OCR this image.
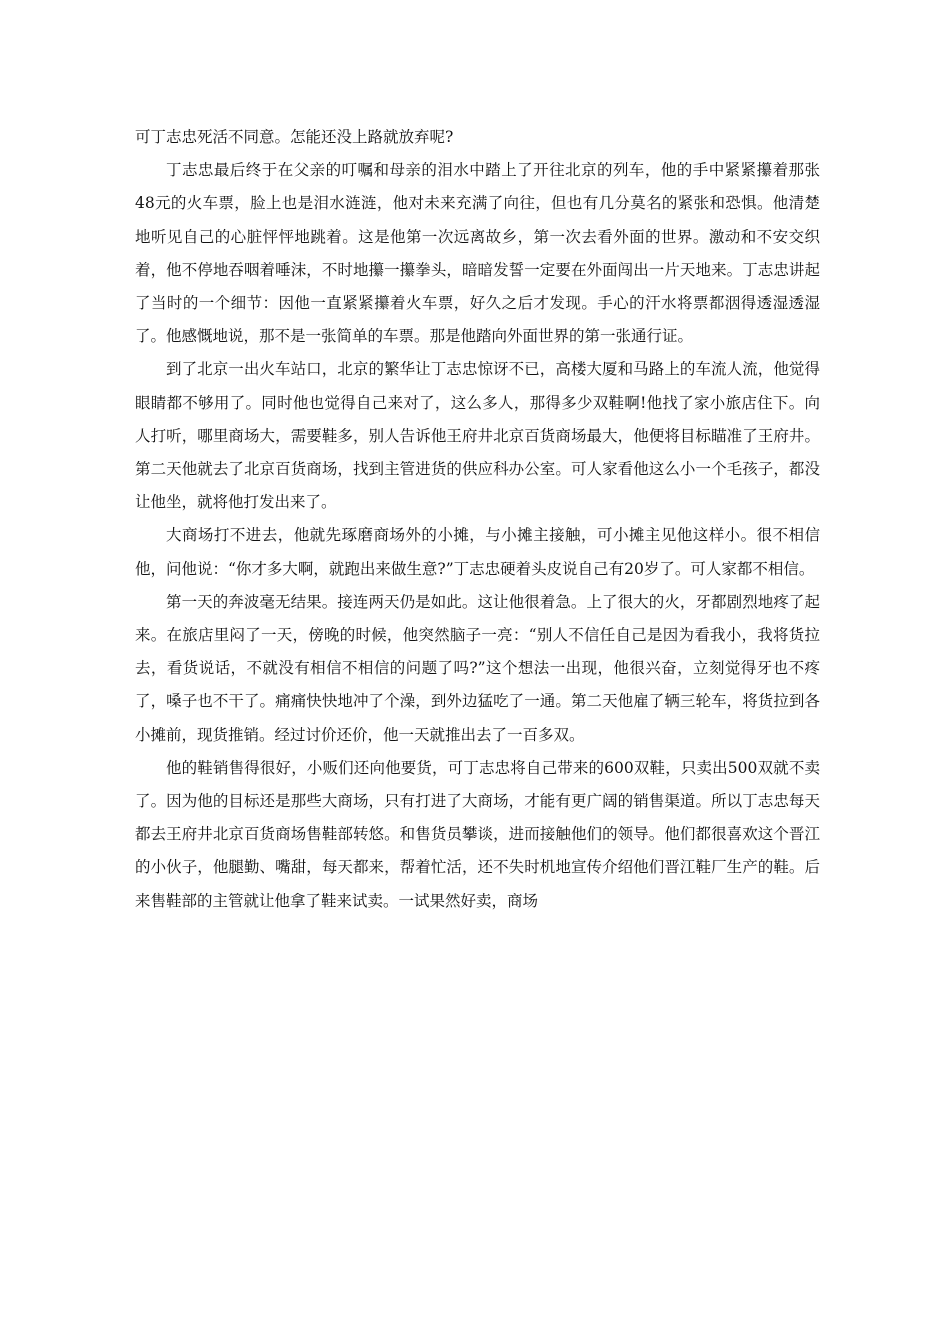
可丁志忠死活不同意。怎能还没上路就放弃呢?

丁志忠最后终于在父亲的叮嘱和母亲的泪水中踏上了开往北京的列车，他的手中紧紧攥着那张48元的火车票，脸上也是泪水涟涟，他对未来充满了向往，但也有几分莫名的紧张和恐惧。他清楚地听见自己的心脏怦怦地跳着。这是他第一次远离故乡，第一次去看外面的世界。激动和不安交织着，他不停地吞咽着唾沫，不时地攥一攥拳头，暗暗发誓一定要在外面闯出一片天地来。丁志忠讲起了当时的一个细节：因他一直紧紧攥着火车票，好久之后才发现。手心的汗水将票都洇得透湿透湿了。他感慨地说，那不是一张简单的车票。那是他踏向外面世界的第一张通行证。

到了北京一出火车站口，北京的繁华让丁志忠惊讶不已，高楼大厦和马路上的车流人流，他觉得眼睛都不够用了。同时他也觉得自己来对了，这么多人，那得多少双鞋啊!他找了家小旅店住下。向人打听，哪里商场大，需要鞋多，别人告诉他王府井北京百货商场最大，他便将目标瞄准了王府井。第二天他就去了北京百货商场，找到主管进货的供应科办公室。可人家看他这么小一个毛孩子，都没让他坐，就将他打发出来了。

大商场打不进去，他就先琢磨商场外的小摊，与小摊主接触，可小摊主见他这样小。很不相信他，问他说：“你才多大啊，就跑出来做生意?”丁志忠硬着头皮说自己有20岁了。可人家都不相信。

第一天的奔波毫无结果。接连两天仍是如此。这让他很着急。上了很大的火，牙都剧烈地疼了起来。在旅店里闷了一天，傍晚的时候，他突然脑子一亮：“别人不信任自己是因为看我小，我将货拉去，看货说话，不就没有相信不相信的问题了吗?”这个想法一出现，他很兴奋，立刻觉得牙也不疼了，嗓子也不干了。痛痛快快地冲了个澡，到外边猛吃了一通。第二天他雇了辆三轮车，将货拉到各小摊前，现货推销。经过讨价还价，他一天就推出去了一百多双。

他的鞋销售得很好，小贩们还向他要货，可丁志忠将自己带来的600双鞋，只卖出500双就不卖了。因为他的目标还是那些大商场，只有打进了大商场，才能有更广阔的销售渠道。所以丁志忠每天都去王府井北京百货商场售鞋部转悠。和售货员攀谈，进而接触他们的领导。他们都很喜欢这个晋江的小伙子，他腿勤、嘴甜，每天都来，帮着忙活，还不失时机地宣传介绍他们晋江鞋厂生产的鞋。后来售鞋部的主管就让他拿了鞋来试卖。一试果然好卖，商场
